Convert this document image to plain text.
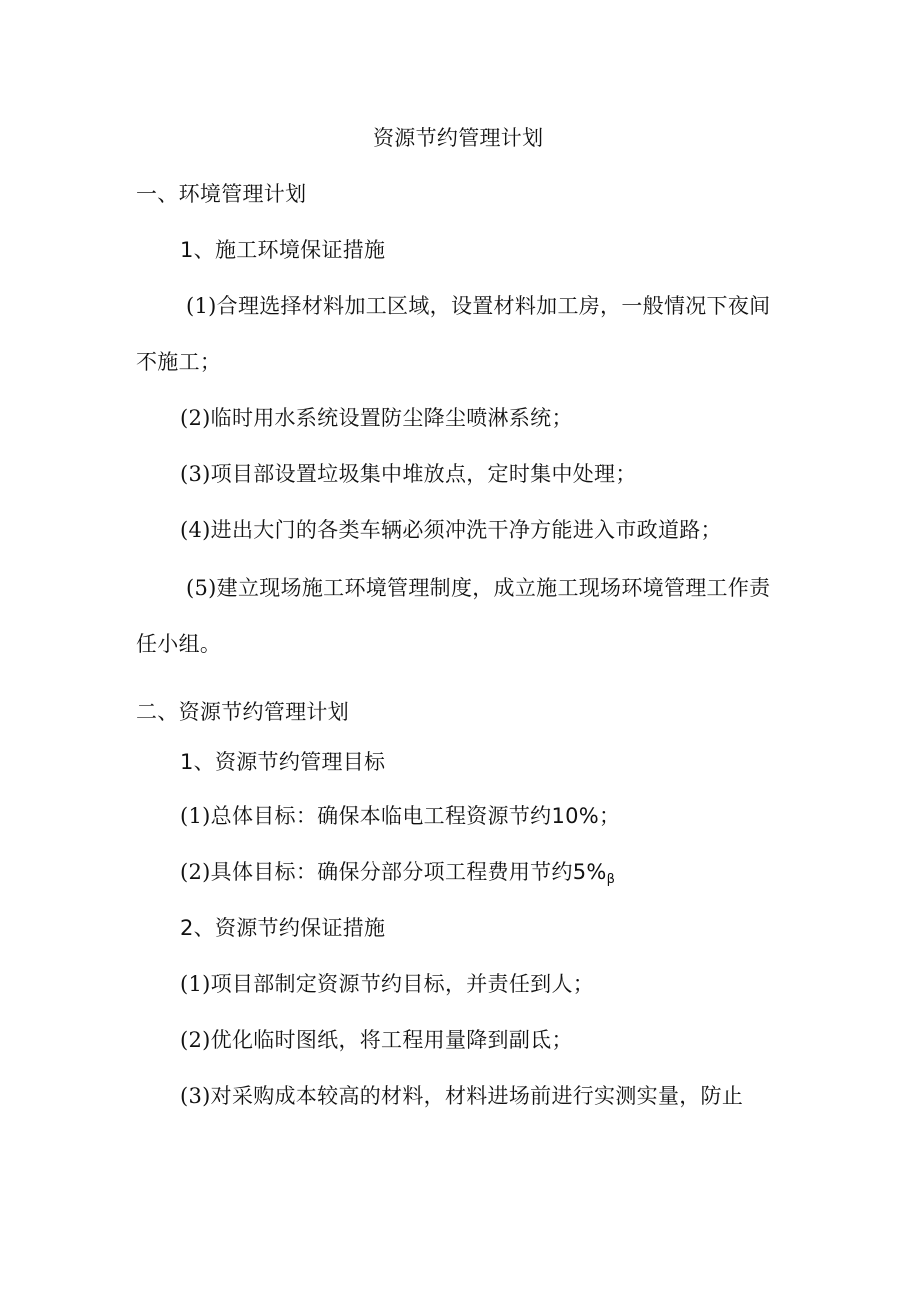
资源节约管理计划
一、环境管理计划
1、施工环境保证措施
(1)合理选择材料加工区域，设置材料加工房，一般情况下夜间
不施工；
(2)临时用水系统设置防尘降尘喷淋系统；
(3)项目部设置垃圾集中堆放点，定时集中处理；
(4)进出大门的各类车辆必须冲洗干净方能进入市政道路；
(5)建立现场施工环境管理制度，成立施工现场环境管理工作责
任小组。
二、资源节约管理计划
1、资源节约管理目标
(1)总体目标：确保本临电工程资源节约10%；
(2)具体目标：确保分部分项工程费用节约5%β
2、资源节约保证措施
(1)项目部制定资源节约目标，并责任到人；
(2)优化临时图纸，将工程用量降到副氐；
(3)对采购成本较高的材料，材料进场前进行实测实量，防止
